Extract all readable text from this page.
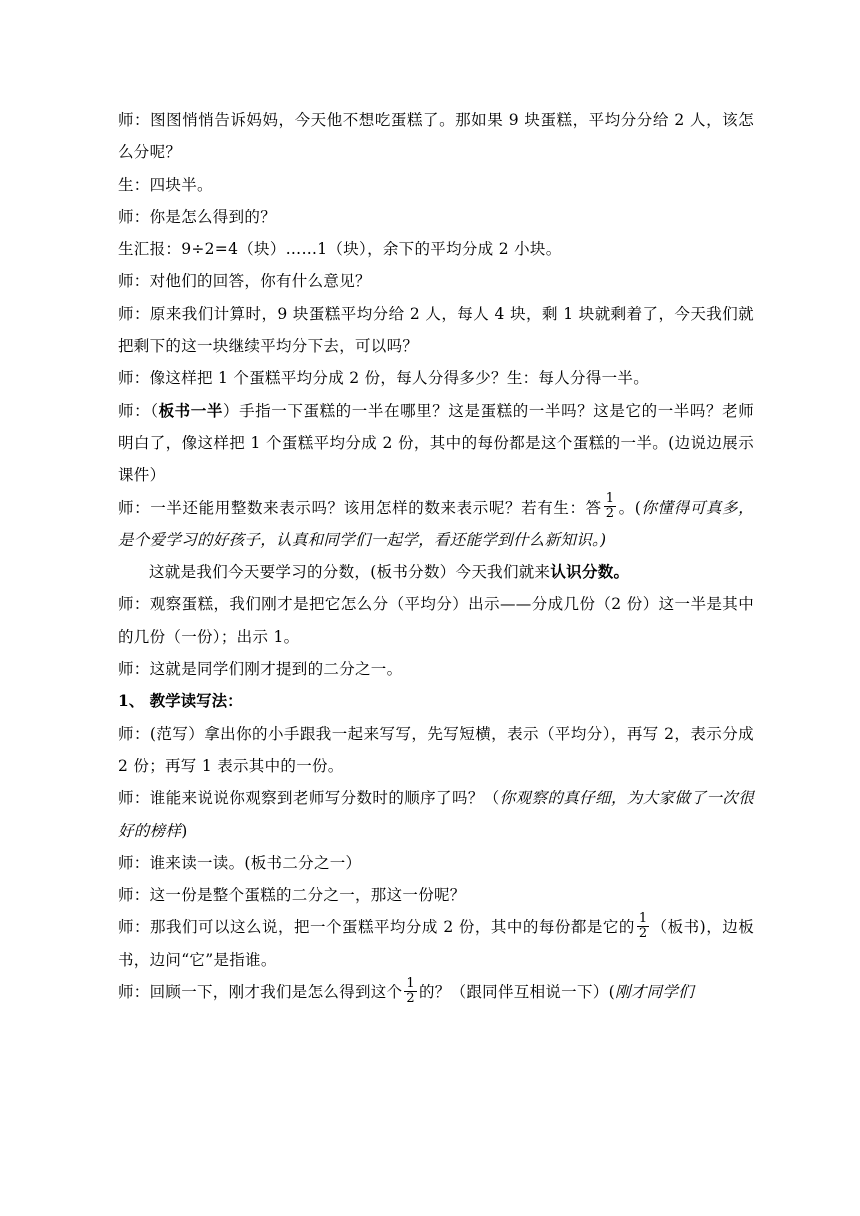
师：图图悄悄告诉妈妈，今天他不想吃蛋糕了。那如果 9 块蛋糕，平均分分给 2 人，该怎么分呢？

生：四块半。

师：你是怎么得到的？

生汇报：9÷2=4（块）……1（块），余下的平均分成 2 小块。

师：对他们的回答，你有什么意见？

师：原来我们计算时，9 块蛋糕平均分给 2 人，每人 4 块，剩 1 块就剩着了，今天我们就把剩下的这一块继续平均分下去，可以吗？

师：像这样把 1 个蛋糕平均分成 2 份，每人分得多少？生：每人分得一半。

师：（板书一半）手指一下蛋糕的一半在哪里？这是蛋糕的一半吗？这是它的一半吗？老师明白了，像这样把 1 个蛋糕平均分成 2 份，其中的每份都是这个蛋糕的一半。(边说边展示课件）

师：一半还能用整数来表示吗？该用怎样的数来表示呢？若有生：答 $\frac{1}{2}$ 。(你懂得可真多，是个爱学习的好孩子，认真和同学们一起学，看还能学到什么新知识。)

这就是我们今天要学习的分数，(板书分数）今天我们就来认识分数。

师：观察蛋糕，我们刚才是把它怎么分（平均分）出示——分成几份（2 份）这一半是其中的几份（一份）；出示 1。

师：这就是同学们刚才提到的二分之一。

1、 教学读写法：

师：(范写）拿出你的小手跟我一起来写写，先写短横，表示（平均分），再写 2，表示分成 2 份；再写 1 表示其中的一份。

师：谁能来说说你观察到老师写分数时的顺序了吗？（你观察的真仔细，为大家做了一次很好的榜样)

师：谁来读一读。(板书二分之一）

师：这一份是整个蛋糕的二分之一，那这一份呢？

师：那我们可以这么说，把一个蛋糕平均分成 2 份，其中的每份都是它的 $\frac{1}{2}$ （板书)，边板书，边问“它”是指谁。

师：回顾一下，刚才我们是怎么得到这个 $\frac{1}{2}$ 的？（跟同伴互相说一下）(刚才同学们
